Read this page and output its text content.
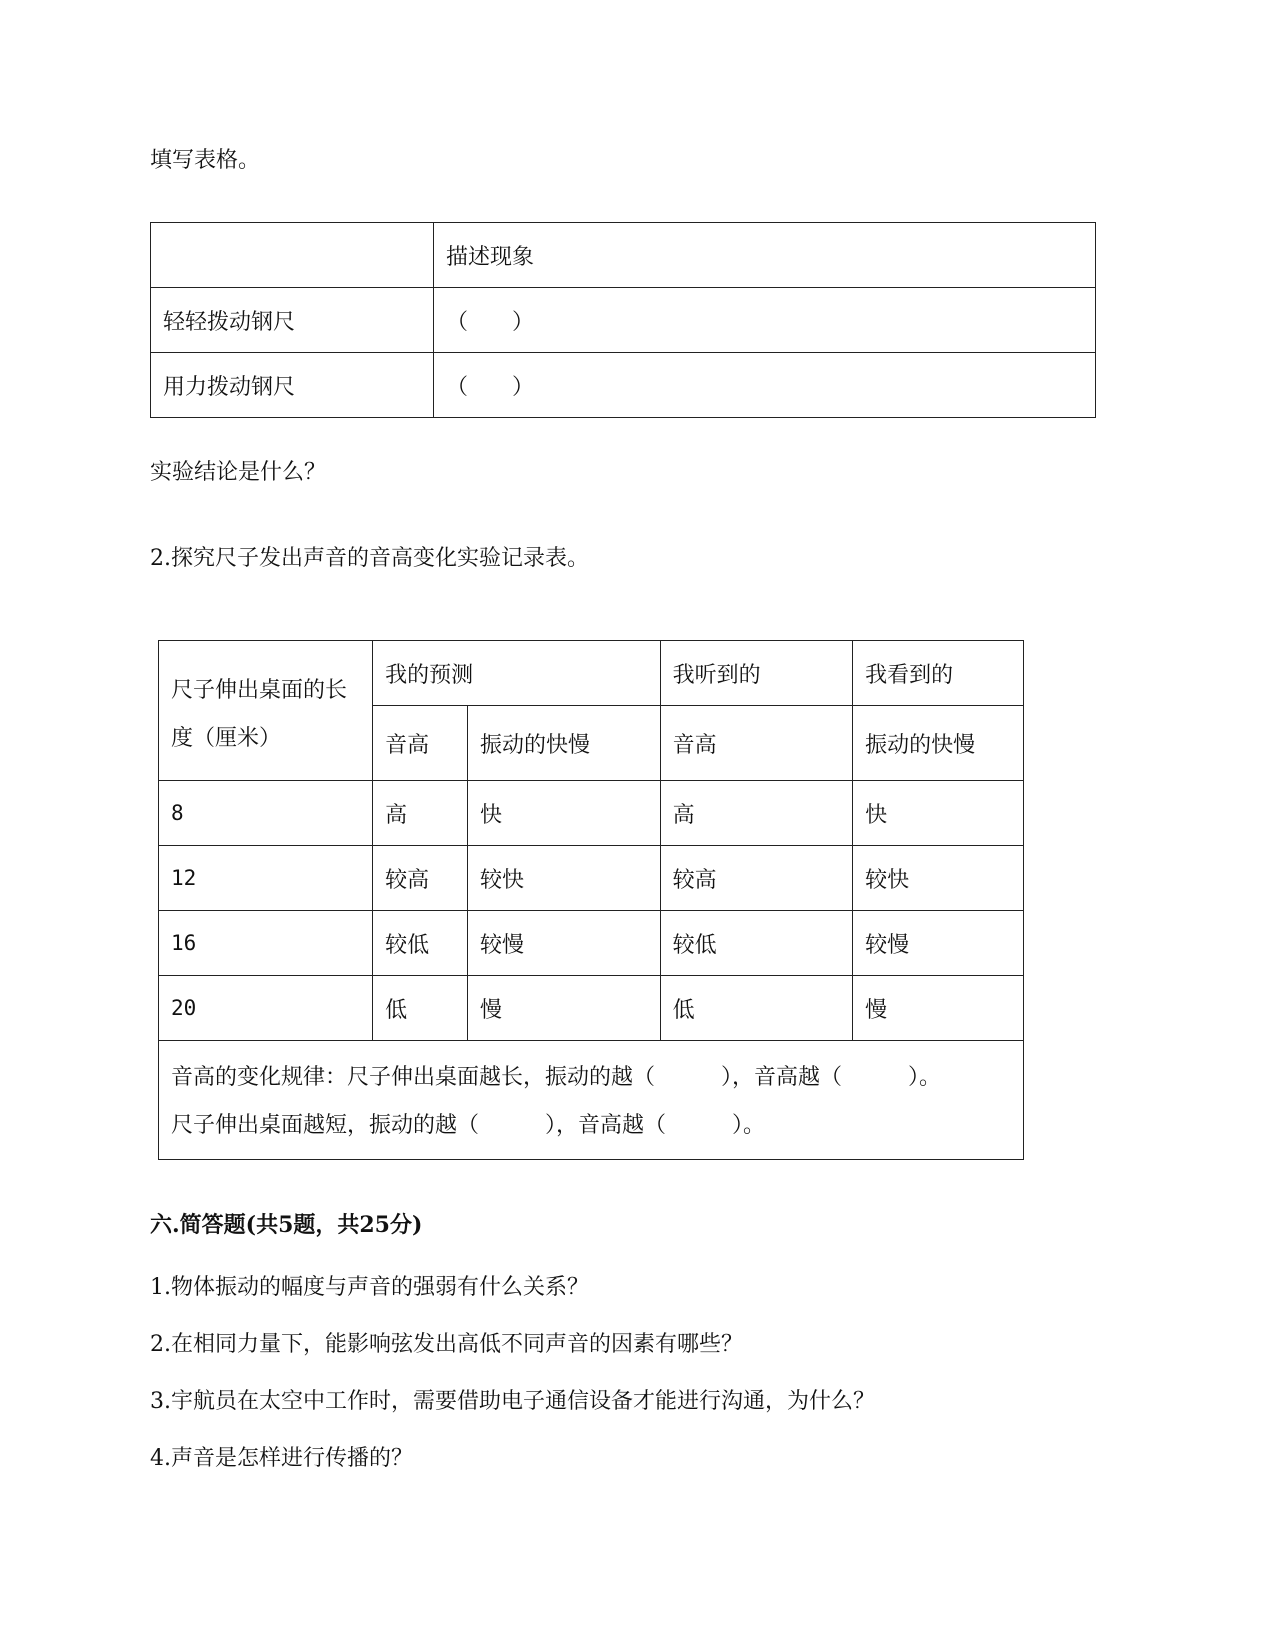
填写表格。
	描述现象
轻轻拨动钢尺	（　　）
用力拨动钢尺	（　　）
实验结论是什么？
2.探究尺子发出声音的音高变化实验记录表。
尺子伸出桌面的长度（厘米）	我的预测		我听到的	我看到的
	音高	振动的快慢	音高	振动的快慢
8	高	快	高	快
12	较高	较快	较高	较快
16	较低	较慢	较低	较慢
20	低	慢	低	慢

音高的变化规律：尺子伸出桌面越长，振动的越（　　　），音高越（　　　）。
尺子伸出桌面越短，振动的越（　　　），音高越（　　　）。				
六.简答题(共5题，共25分)
1.物体振动的幅度与声音的强弱有什么关系？
2.在相同力量下，能影响弦发出高低不同声音的因素有哪些？
3.宇航员在太空中工作时，需要借助电子通信设备才能进行沟通，为什么？
4.声音是怎样进行传播的？
